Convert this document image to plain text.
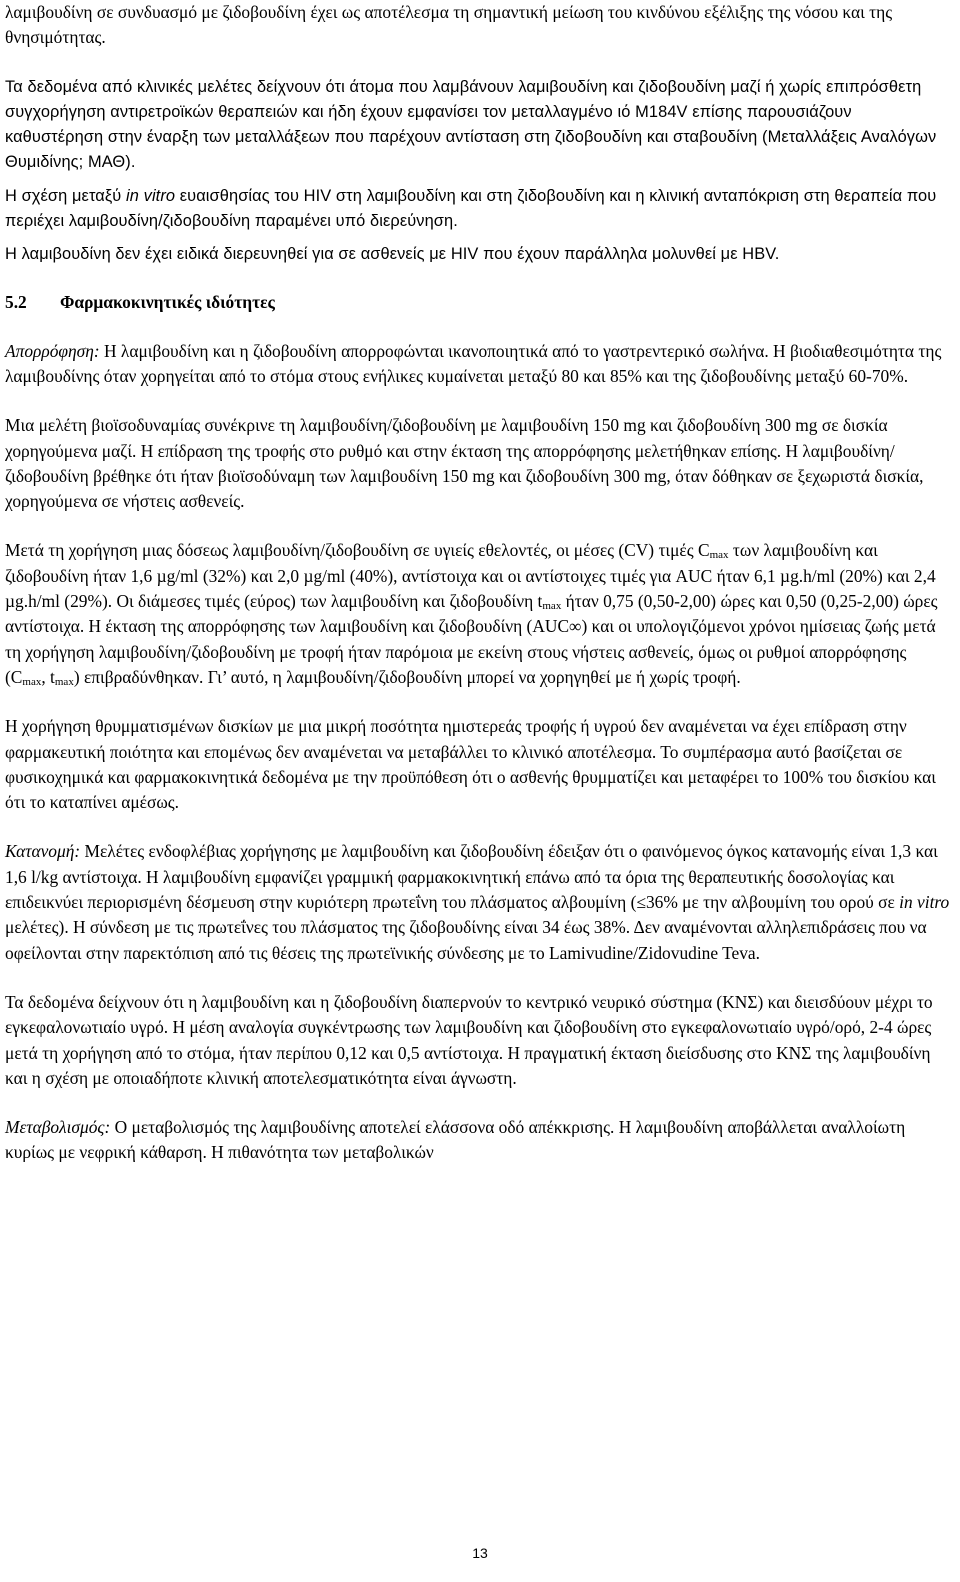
λαμιβουδίνη σε συνδυασμό με ζιδοβουδίνη έχει ως αποτέλεσμα τη σημαντική μείωση του κινδύνου εξέλιξης της νόσου και της θνησιμότητας.

Τα δεδομένα από κλινικές μελέτες δείχνουν ότι άτομα που λαμβάνουν λαμιβουδίνη και ζιδοβουδίνη μαζί ή χωρίς επιπρόσθετη συγχορήγηση αντιρετροϊκών θεραπειών και ήδη έχουν εμφανίσει τον μεταλλαγμένο ιό M184V επίσης παρουσιάζουν καθυστέρηση στην έναρξη των μεταλλάξεων που παρέχουν αντίσταση στη ζιδοβουδίνη και σταβουδίνη (Μεταλλάξεις Αναλόγων Θυμιδίνης; ΜΑΘ).

Η σχέση μεταξύ in vitro ευαισθησίας του HIV στη λαμιβουδίνη και στη ζιδοβουδίνη και η κλινική ανταπόκριση στη θεραπεία που περιέχει λαμιβουδίνη/ζιδοβουδίνη παραμένει υπό διερεύνηση.

Η λαμιβουδίνη δεν έχει ειδικά διερευνηθεί για σε ασθενείς με HIV που έχουν παράλληλα μολυνθεί με HBV.

5.2 Φαρμακοκινητικές ιδιότητες

Απορρόφηση: Η λαμιβουδίνη και η ζιδοβουδίνη απορροφώνται ικανοποιητικά από το γαστρεντερικό σωλήνα. Η βιοδιαθεσιμότητα της λαμιβουδίνης όταν χορηγείται από το στόμα στους ενήλικες κυμαίνεται μεταξύ 80 και 85% και της ζιδοβουδίνης μεταξύ 60-70%.

Μια μελέτη βιοϊσοδυναμίας συνέκρινε τη λαμιβουδίνη/ζιδοβουδίνη με λαμιβουδίνη 150 mg και ζιδοβουδίνη 300 mg σε δισκία χορηγούμενα μαζί. Η επίδραση της τροφής στο ρυθμό και στην έκταση της απορρόφησης μελετήθηκαν επίσης. Η λαμιβουδίνη/ζιδοβουδίνη βρέθηκε ότι ήταν βιοϊσοδύναμη των λαμιβουδίνη 150 mg και ζιδοβουδίνη 300 mg, όταν δόθηκαν σε ξεχωριστά δισκία, χορηγούμενα σε νήστεις ασθενείς.

Μετά τη χορήγηση μιας δόσεως λαμιβουδίνη/ζιδοβουδίνη σε υγιείς εθελοντές, οι μέσες (CV) τιμές $C_{max}$ των λαμιβουδίνη και ζιδοβουδίνη ήταν 1,6 µg/ml (32%) και 2,0 µg/ml (40%), αντίστοιχα και οι αντίστοιχες τιμές για AUC ήταν 6,1 µg.h/ml (20%) και 2,4 µg.h/ml (29%). Οι διάμεσες τιμές (εύρος) των λαμιβουδίνη και ζιδοβουδίνη $t_{max}$ ήταν 0,75 (0,50-2,00) ώρες και 0,50 (0,25-2,00) ώρες αντίστοιχα. Η έκταση της απορρόφησης των λαμιβουδίνη και ζιδοβουδίνη (AUC∞) και οι υπολογιζόμενοι χρόνοι ημίσειας ζωής μετά τη χορήγηση λαμιβουδίνη/ζιδοβουδίνη με τροφή ήταν παρόμοια με εκείνη στους νήστεις ασθενείς, όμως οι ρυθμοί απορρόφησης ($C_{max}$, $t_{max}$) επιβραδύνθηκαν. Γι’ αυτό, η λαμιβουδίνη/ζιδοβουδίνη μπορεί να χορηγηθεί με ή χωρίς τροφή.

Η χορήγηση θρυμματισμένων δισκίων με μια μικρή ποσότητα ημιστερεάς τροφής ή υγρού δεν αναμένεται να έχει επίδραση στην φαρμακευτική ποιότητα και επομένως δεν αναμένεται να μεταβάλλει το κλινικό αποτέλεσμα. Το συμπέρασμα αυτό βασίζεται σε φυσικοχημικά και φαρμακοκινητικά δεδομένα με την προϋπόθεση ότι ο ασθενής θρυμματίζει και μεταφέρει το 100% του δισκίου και ότι το καταπίνει αμέσως.

Κατανομή: Μελέτες ενδοφλέβιας χορήγησης με λαμιβουδίνη και ζιδοβουδίνη έδειξαν ότι ο φαινόμενος όγκος κατανομής είναι 1,3 και 1,6 l/kg αντίστοιχα. Η λαμιβουδίνη εμφανίζει γραμμική φαρμακοκινητική επάνω από τα όρια της θεραπευτικής δοσολογίας και επιδεικνύει περιορισμένη δέσμευση στην κυριότερη πρωτεΐνη του πλάσματος αλβουμίνη (≤36% με την αλβουμίνη του ορού σε in vitro μελέτες). Η σύνδεση με τις πρωτεΐνες του πλάσματος της ζιδοβουδίνης είναι 34 έως 38%. Δεν αναμένονται αλληλεπιδράσεις που να οφείλονται στην παρεκτόπιση από τις θέσεις της πρωτεϊνικής σύνδεσης με το Lamivudine/Zidovudine Teva.

Τα δεδομένα δείχνουν ότι η λαμιβουδίνη και η ζιδοβουδίνη διαπερνούν το κεντρικό νευρικό σύστημα (ΚΝΣ) και διεισδύουν μέχρι το εγκεφαλονωτιαίο υγρό. Η μέση αναλογία συγκέντρωσης των λαμιβουδίνη και ζιδοβουδίνη στο εγκεφαλονωτιαίο υγρό/ορό, 2-4 ώρες μετά τη χορήγηση από το στόμα, ήταν περίπου 0,12 και 0,5 αντίστοιχα. Η πραγματική έκταση διείσδυσης στο ΚΝΣ της λαμιβουδίνη και η σχέση με οποιαδήποτε κλινική αποτελεσματικότητα είναι άγνωστη.

Μεταβολισμός: Ο μεταβολισμός της λαμιβουδίνης αποτελεί ελάσσονα οδό απέκκρισης. Η λαμιβουδίνη αποβάλλεται αναλλοίωτη κυρίως με νεφρική κάθαρση. Η πιθανότητα των μεταβολικών

13
